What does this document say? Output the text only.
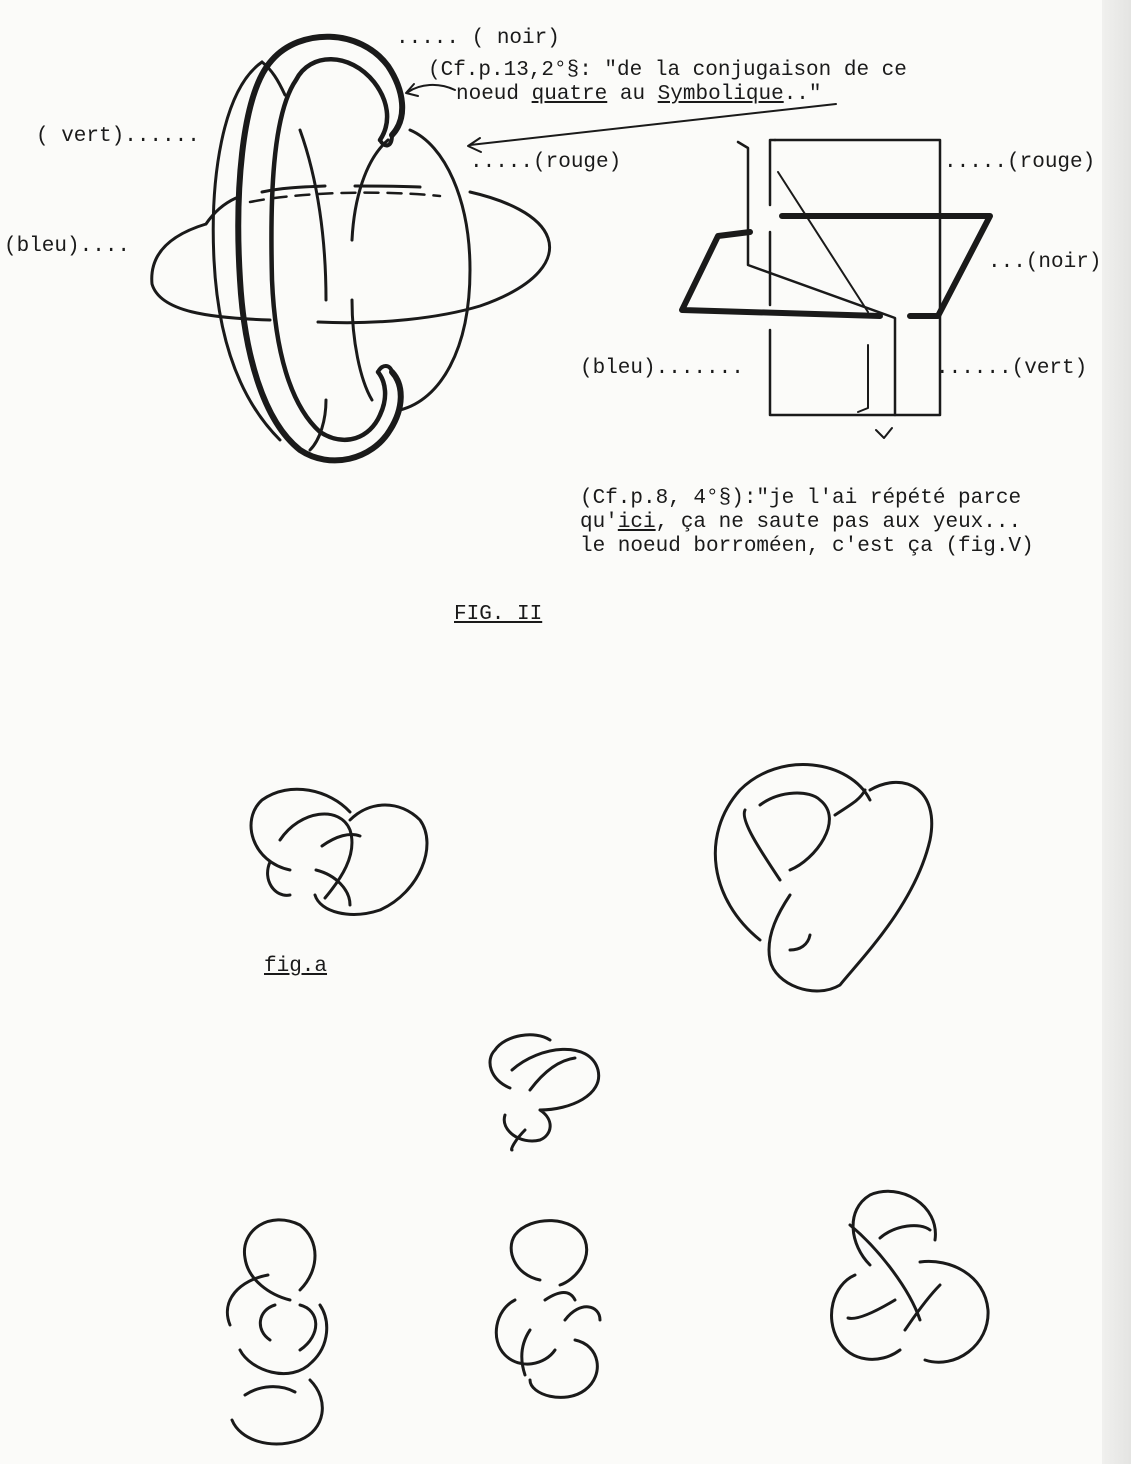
..... ( noir)
(Cf.p.13,2°§: "de la conjugaison de ce
noeud quatre au Symbolique.."
( vert)......
.....(rouge)
(bleu)....
.....(rouge)
...(noir)
(bleu).......	......(vert)
(Cf.p.8, 4°§):"je l'ai répété parce
qu'ici, ça ne saute pas aux yeux...
le noeud borroméen, c'est ça (fig.V)
FIG. II
fig.a
